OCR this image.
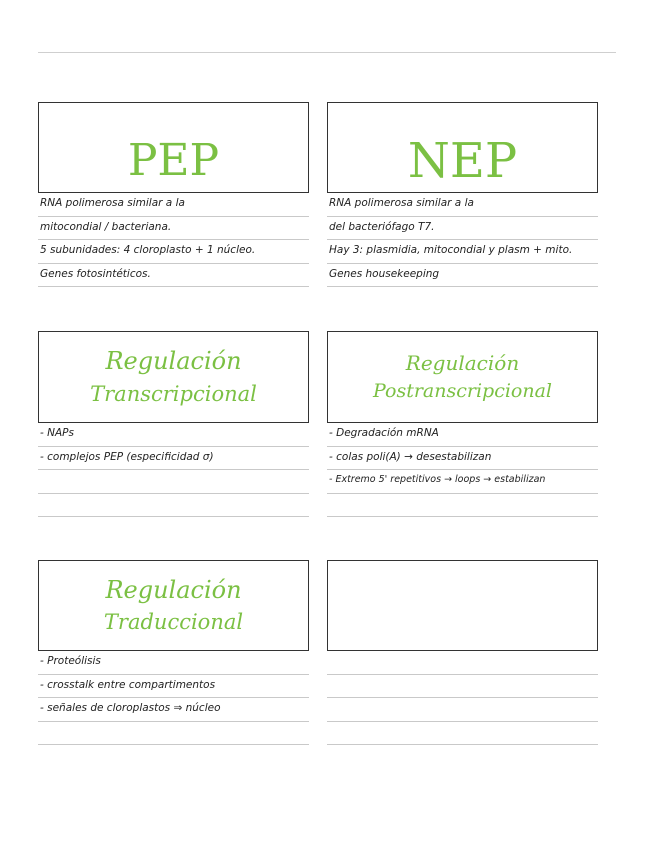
PEP
RNA polimerosa similar a la
mitocondial / bacteriana.
5 subunidades: 4 cloroplasto + 1 núcleo.
Genes fotosintéticos.
NEP
RNA polimerosa similar a la
del bacteriófago T7.
Hay 3: plasmidia, mitocondial y plasm + mito.
Genes housekeeping
Regulación
Transcripcional
- NAPs
- complejos PEP (especificidad σ)
Regulación
Postranscripcional
- Degradación mRNA
- colas poli(A) → desestabilizan
- Extremo 5' repetitivos → loops → estabilizan
Regulación
Traduccional
- Proteólisis
- crosstalk entre compartimentos
- señales de cloroplastos ⇒ núcleo
